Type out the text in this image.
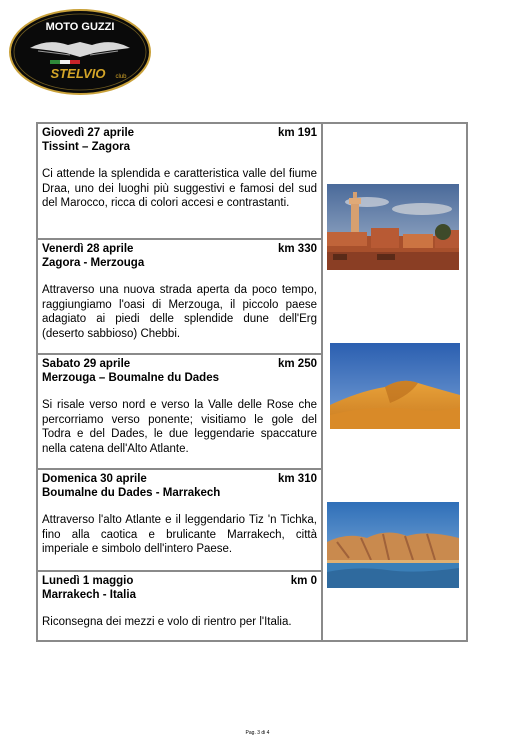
MOTO GUZZI
STELVIO club
Giovedì 27 aprile	km 191
Tissint – Zagora

Ci attende la splendida e caratteristica valle del fiume Draa, uno dei luoghi più suggestivi e famosi del sud del Marocco, ricca di colori accesi e contrastanti.

Venerdì 28 aprile	km 330
Zagora - Merzouga

Attraverso una nuova strada aperta da poco tempo, raggiungiamo l'oasi di Merzouga, il piccolo paese adagiato ai piedi delle splendide dune dell'Erg (deserto sabbioso) Chebbi.

Sabato 29 aprile	km 250
Merzouga – Boumalne du Dades

Si risale verso nord e verso la Valle delle Rose che percorriamo verso ponente; visitiamo le gole del Todra e del Dades, le due leggendarie spaccature nella catena dell'Alto Atlante.

Domenica 30 aprile	km 310
Boumalne du Dades - Marrakech

Attraverso l'alto Atlante e il leggendario Tiz 'n Tichka, fino alla caotica e brulicante Marrakech, città imperiale e simbolo dell'intero Paese.

Lunedì 1 maggio	km 0
Marrakech - Italia

Riconsegna dei mezzi e volo di rientro per l'Italia.

Pag. 3 di 4
